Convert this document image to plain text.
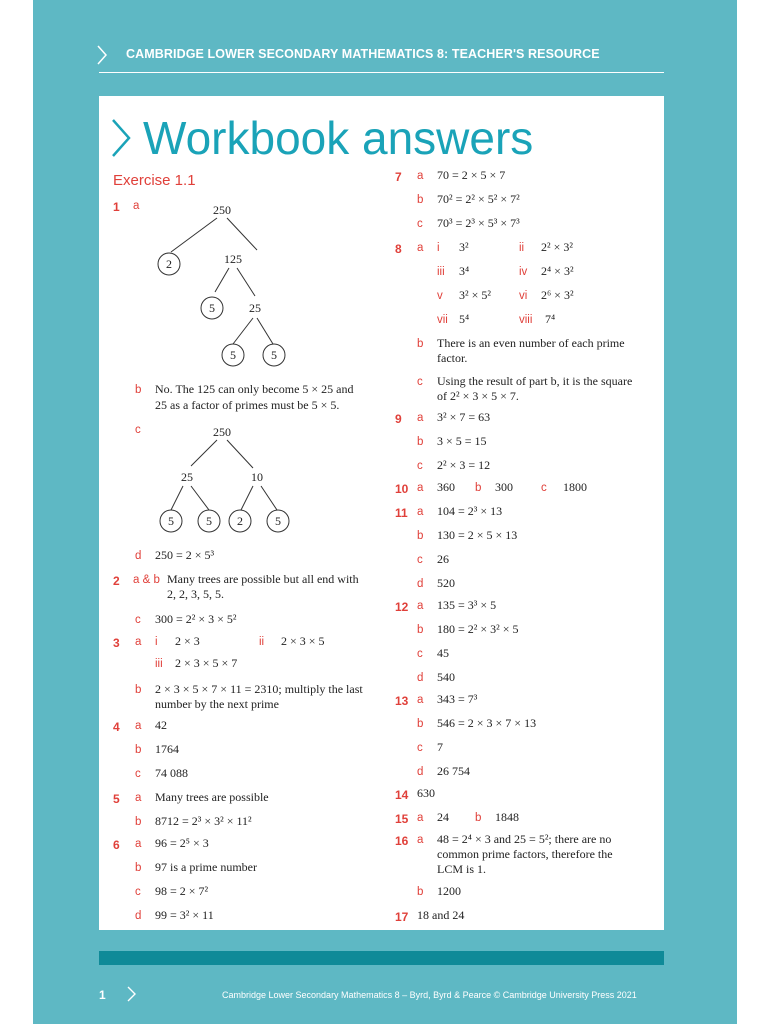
CAMBRIDGE LOWER SECONDARY MATHEMATICS 8: TEACHER'S RESOURCE
Workbook answers
Exercise 1.1
1 a	250
2	125
5	25
5	5
b No. The 125 can only become 5 × 25 and
25 as a factor of primes must be 5 × 5.
c	250
25	10
5	5 2	5
d 250 = 2 × 5³
2 a & b Many trees are possible but all end with
2, 2, 3, 5, 5.
c 300 = 2² × 3 × 5²
3 a i 2 × 3	ii 2 × 3 × 5
iii 2 × 3 × 5 × 7
b 2 × 3 × 5 × 7 × 11 = 2310; multiply the last
number by the next prime
4 a 42
b 1764
c 74 088
5 a Many trees are possible
b 8712 = 2³ × 3² × 11²
6 a 96 = 2⁵ × 3
b 97 is a prime number
c 98 = 2 × 7²
d 99 = 3² × 11
7 a 70 = 2 × 5 × 7
b 70² = 2² × 5² × 7²
c 70³ = 2³ × 5³ × 7³
8 a i 3²	ii 2² × 3²
iii 3⁴	iv 2⁴ × 3²
v 3² × 5² vi 2⁶ × 3²
vii 5⁴	viii 7⁴
b There is an even number of each prime
factor.
c Using the result of part b, it is the square
of 2² × 3 × 5 × 7.
9 a 3² × 7 = 63
b 3 × 5 = 15
c 2² × 3 = 12
10 a 360 b 300 c 1800
11 a 104 = 2³ × 13
b 130 = 2 × 5 × 13
c 26
d 520
12 a 135 = 3³ × 5
b 180 = 2² × 3² × 5
c 45
d 540
13 a 343 = 7³
b 546 = 2 × 3 × 7 × 13
c 7
d 26 754
14 630
15 a 24 b 1848
16 a 48 = 2⁴ × 3 and 25 = 5²; there are no
common prime factors, therefore the
LCM is 1.
b 1200
17 18 and 24
1	Cambridge Lower Secondary Mathematics 8 – Byrd, Byrd & Pearce © Cambridge University Press 2021
